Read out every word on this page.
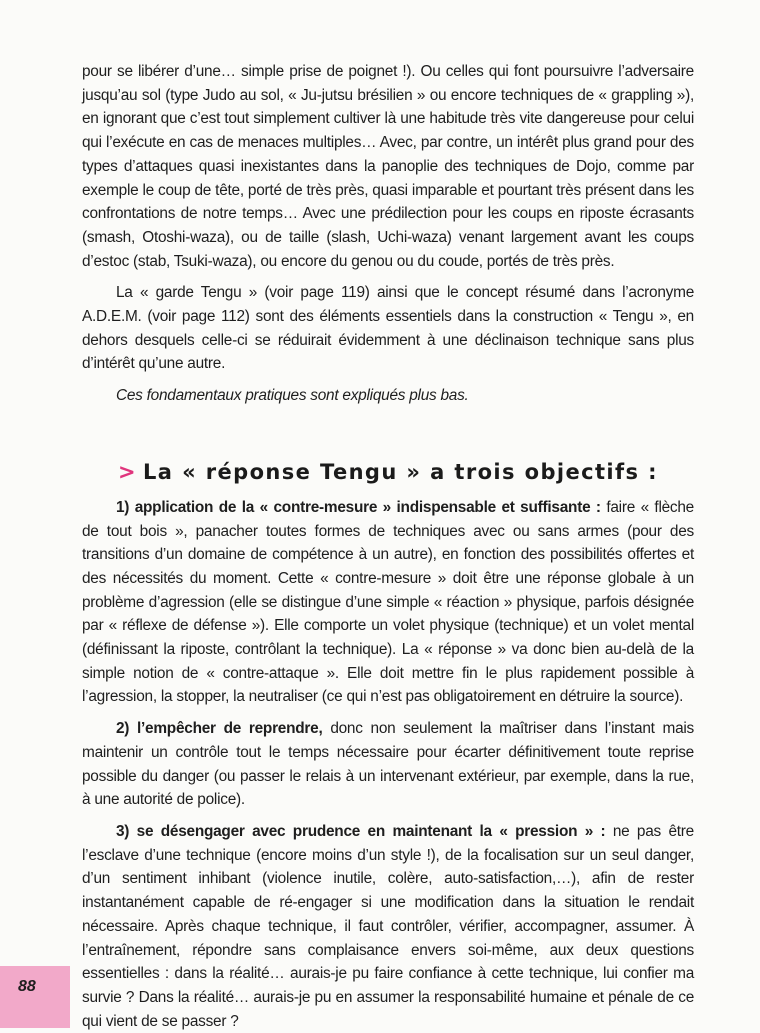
pour se libérer d’une… simple prise de poignet !). Ou celles qui font poursuivre l’adversaire jusqu’au sol (type Judo au sol, « Ju-jutsu brésilien » ou encore techniques de « grappling »), en ignorant que c’est tout simplement cultiver là une habitude très vite dangereuse pour celui qui l’exécute en cas de menaces multiples… Avec, par contre, un intérêt plus grand pour des types d’attaques quasi inexistantes dans la panoplie des techniques de Dojo, comme par exemple le coup de tête, porté de très près, quasi imparable et pourtant très présent dans les confrontations de notre temps… Avec une prédilection pour les coups en riposte écrasants (smash, Otoshi-waza), ou de taille (slash, Uchi-waza) venant largement avant les coups d’estoc (stab, Tsuki-waza), ou encore du genou ou du coude, portés de très près.

La « garde Tengu » (voir page 119) ainsi que le concept résumé dans l’acronyme A.D.E.M. (voir page 112) sont des éléments essentiels dans la construction « Tengu », en dehors desquels celle-ci se réduirait évidemment à une déclinaison technique sans plus d’intérêt qu’une autre.

Ces fondamentaux pratiques sont expliqués plus bas.

> La « réponse Tengu » a trois objectifs :

1) application de la « contre-mesure » indispensable et suffisante : faire « flèche de tout bois », panacher toutes formes de techniques avec ou sans armes (pour des transitions d’un domaine de compétence à un autre), en fonction des possibilités offertes et des nécessités du moment. Cette « contre-mesure » doit être une réponse globale à un problème d’agression (elle se distingue d’une simple « réaction » physique, parfois désignée par « réflexe de défense »). Elle comporte un volet physique (technique) et un volet mental (définissant la riposte, contrôlant la technique). La « réponse » va donc bien au-delà de la simple notion de « contre-attaque ». Elle doit mettre fin le plus rapidement possible à l’agression, la stopper, la neutraliser (ce qui n’est pas obligatoirement en détruire la source).

2) l’empêcher de reprendre, donc non seulement la maîtriser dans l’instant mais maintenir un contrôle tout le temps nécessaire pour écarter définitivement toute reprise possible du danger (ou passer le relais à un intervenant extérieur, par exemple, dans la rue, à une autorité de police).

3) se désengager avec prudence en maintenant la « pression » : ne pas être l’esclave d’une technique (encore moins d’un style !), de la focalisation sur un seul danger, d’un sentiment inhibant (violence inutile, colère, auto-satisfaction,…), afin de rester instantanément capable de ré-engager si une modification dans la situation le rendait nécessaire. Après chaque technique, il faut contrôler, vérifier, accompagner, assumer. À l’entraînement, répondre sans complaisance envers soi-même, aux deux questions essentielles : dans la réalité… aurais-je pu faire confiance à cette technique, lui confier ma survie ? Dans la réalité… aurais-je pu en assumer la responsabilité humaine et pénale de ce qui vient de se passer ?

88
